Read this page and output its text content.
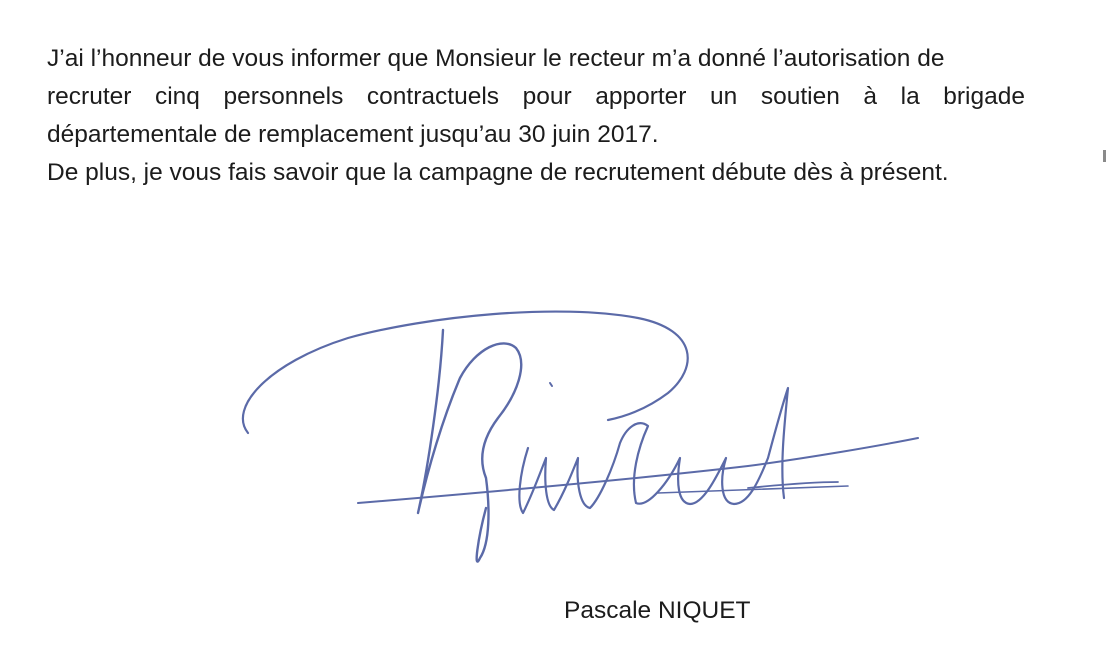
J’ai l’honneur de vous informer que Monsieur le recteur m’a donné l’autorisation de
recruter cinq personnels contractuels pour apporter un soutien à la brigade
départementale de remplacement jusqu’au 30 juin 2017.
De plus, je vous fais savoir que la campagne de recrutement débute dès à présent.
Pascale NIQUET
